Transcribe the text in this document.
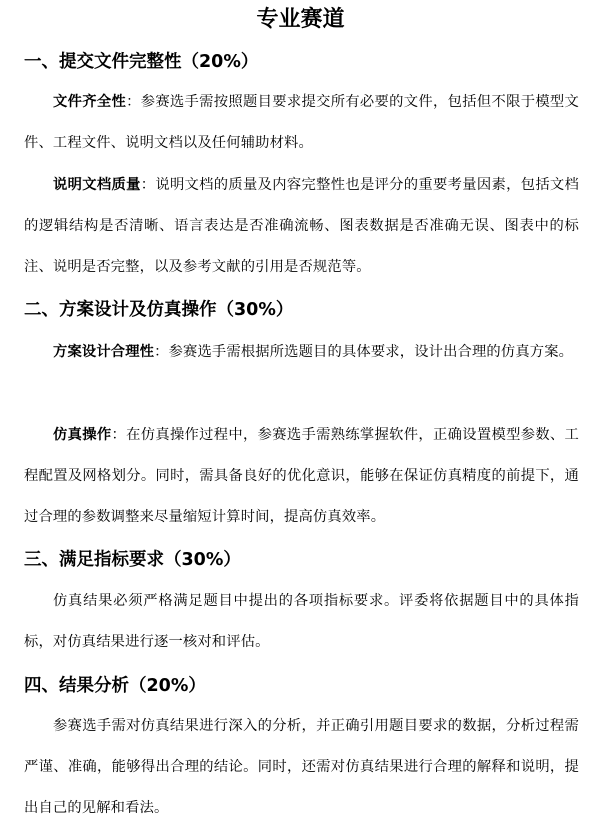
专业赛道
一、提交文件完整性（20%）

文件齐全性：参赛选手需按照题目要求提交所有必要的文件，包括但不限于模型文件、工程文件、说明文档以及任何辅助材料。

说明文档质量：说明文档的质量及内容完整性也是评分的重要考量因素，包括文档的逻辑结构是否清晰、语言表达是否准确流畅、图表数据是否准确无误、图表中的标注、说明是否完整，以及参考文献的引用是否规范等。

二、方案设计及仿真操作（30%）

方案设计合理性：参赛选手需根据所选题目的具体要求，设计出合理的仿真方案。

仿真操作：在仿真操作过程中，参赛选手需熟练掌握软件，正确设置模型参数、工程配置及网格划分。同时，需具备良好的优化意识，能够在保证仿真精度的前提下，通过合理的参数调整来尽量缩短计算时间，提高仿真效率。

三、满足指标要求（30%）

仿真结果必须严格满足题目中提出的各项指标要求。评委将依据题目中的具体指标，对仿真结果进行逐一核对和评估。

四、结果分析（20%）

参赛选手需对仿真结果进行深入的分析，并正确引用题目要求的数据，分析过程需严谨、准确，能够得出合理的结论。同时，还需对仿真结果进行合理的解释和说明，提出自己的见解和看法。
